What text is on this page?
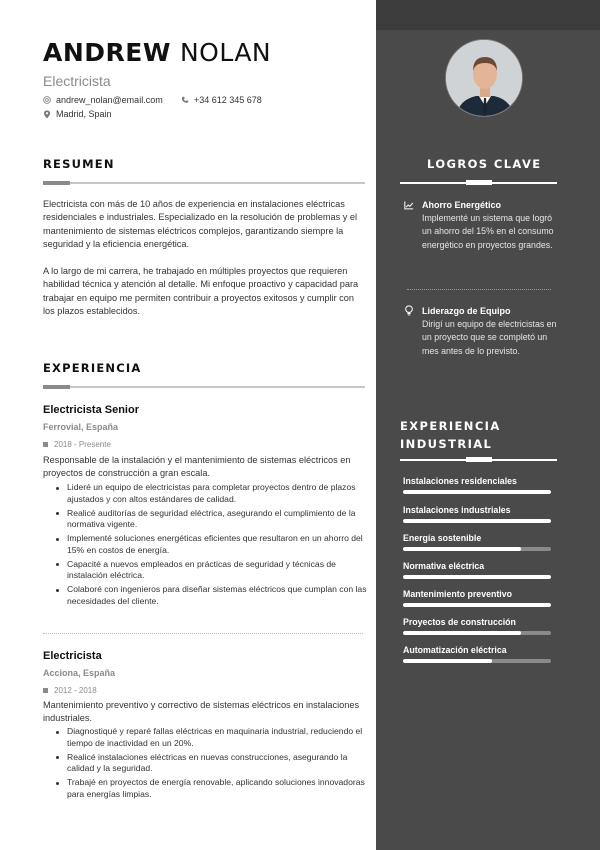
ANDREW NOLAN
Electricista
andrew_nolan@email.com	+34 612 345 678
Madrid, Spain
RESUMEN
Electricista con más de 10 años de experiencia en instalaciones eléctricas residenciales e industriales. Especializado en la resolución de problemas y el mantenimiento de sistemas eléctricos complejos, garantizando siempre la seguridad y la eficiencia energética.
A lo largo de mi carrera, he trabajado en múltiples proyectos que requieren habilidad técnica y atención al detalle. Mi enfoque proactivo y capacidad para trabajar en equipo me permiten contribuir a proyectos exitosos y cumplir con los plazos establecidos.
EXPERIENCIA
Electricista Senior
Ferrovial, España
2018 - Presente
Responsable de la instalación y el mantenimiento de sistemas eléctricos en proyectos de construcción a gran escala.
Lideré un equipo de electricistas para completar proyectos dentro de plazos ajustados y con altos estándares de calidad.
Realicé auditorías de seguridad eléctrica, asegurando el cumplimiento de la normativa vigente.
Implementé soluciones energéticas eficientes que resultaron en un ahorro del 15% en costos de energía.
Capacité a nuevos empleados en prácticas de seguridad y técnicas de instalación eléctrica.
Colaboré con ingenieros para diseñar sistemas eléctricos que cumplan con las necesidades del cliente.
Electricista
Acciona, España
2012 - 2018
Mantenimiento preventivo y correctivo de sistemas eléctricos en instalaciones industriales.
Diagnostiqué y reparé fallas eléctricas en maquinaria industrial, reduciendo el tiempo de inactividad en un 20%.
Realicé instalaciones eléctricas en nuevas construcciones, asegurando la calidad y la seguridad.
Trabajé en proyectos de energía renovable, aplicando soluciones innovadoras para energías limpias.
LOGROS CLAVE
Ahorro Energético
Implementé un sistema que logró un ahorro del 15% en el consumo energético en proyectos grandes.
Liderazgo de Equipo
Dirigí un equipo de electricistas en un proyecto que se completó un mes antes de lo previsto.
EXPERIENCIA
INDUSTRIAL
Instalaciones residenciales
Instalaciones industriales
Energía sostenible
Normativa eléctrica
Mantenimiento preventivo
Proyectos de construcción
Automatización eléctrica
